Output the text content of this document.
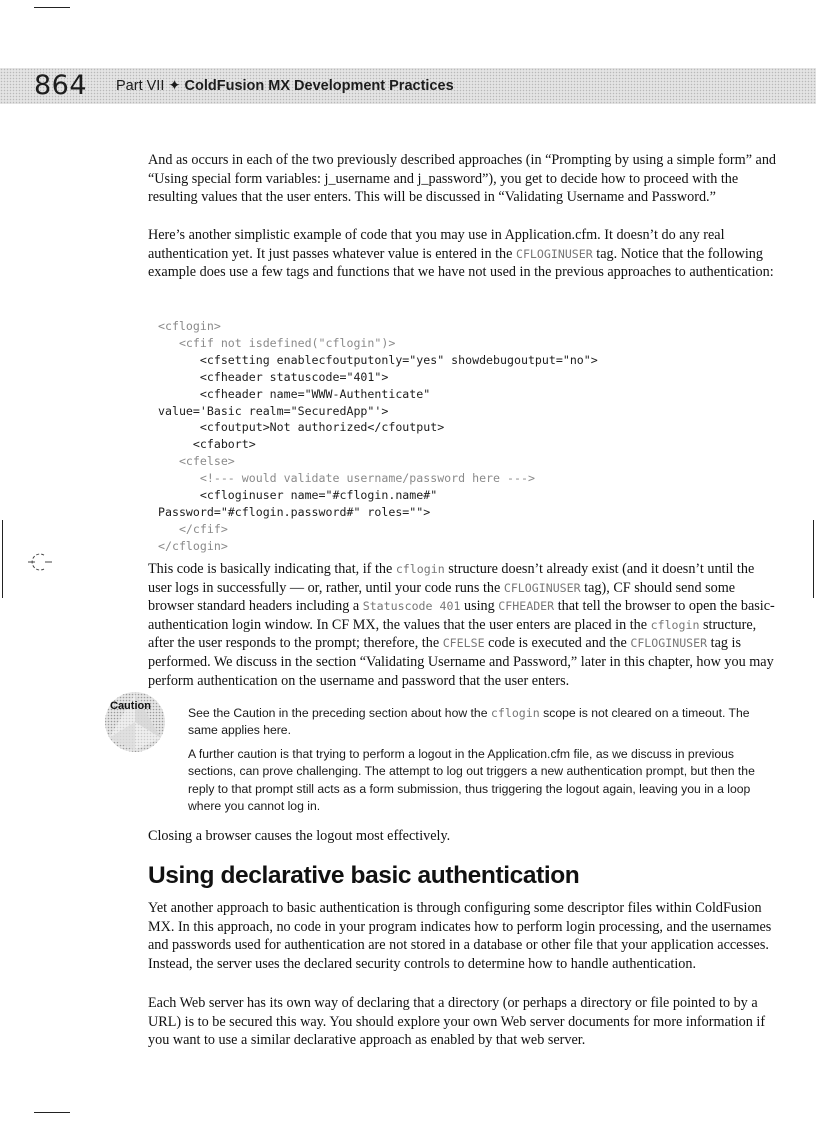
864 Part VII ✦ ColdFusion MX Development Practices

And as occurs in each of the two previously described approaches (in “Prompting by using a simple form” and “Using special form variables: j_username and j_password”), you get to decide how to proceed with the resulting values that the user enters. This will be discussed in “Validating Username and Password.”

Here’s another simplistic example of code that you may use in Application.cfm. It doesn’t do any real authentication yet. It just passes whatever value is entered in the CFLOGINUSER tag. Notice that the following example does use a few tags and functions that we have not used in the previous approaches to authentication:

<cflogin>
<cfif not isdefined("cflogin")>
<cfsetting enablecfoutputonly="yes" showdebugoutput="no">
<cfheader statuscode="401">
<cfheader name="WWW-Authenticate"
value='Basic realm="SecuredApp"'>
<cfoutput>Not authorized</cfoutput>
<cfabort>
<cfelse>
<!--- would validate username/password here --->
<cfloginuser name="#cflogin.name#"
Password="#cflogin.password#" roles="">
</cfif>
</cflogin>

This code is basically indicating that, if the cflogin structure doesn’t already exist (and it doesn’t until the user logs in successfully — or, rather, until your code runs the CFLOGINUSER tag), CF should send some browser standard headers including a Statuscode 401 using CFHEADER that tell the browser to open the basic-authentication login window. In CF MX, the values that the user enters are placed in the cflogin structure, after the user responds to the prompt; therefore, the CFELSE code is executed and the CFLOGINUSER tag is performed. We discuss in the section “Validating Username and Password,” later in this chapter, how you may perform authentication on the username and password that the user enters.

Caution	See the Caution in the preceding section about how the cflogin scope is not cleared on a timeout. The same applies here.

A further caution is that trying to perform a logout in the Application.cfm file, as we discuss in previous sections, can prove challenging. The attempt to log out triggers a new authentication prompt, but then the reply to that prompt still acts as a form submission, thus triggering the logout again, leaving you in a loop where you cannot log in.

Closing a browser causes the logout most effectively.

Using declarative basic authentication

Yet another approach to basic authentication is through configuring some descriptor files within ColdFusion MX. In this approach, no code in your program indicates how to perform login processing, and the usernames and passwords used for authentication are not stored in a database or other file that your application accesses. Instead, the server uses the declared security controls to determine how to handle authentication.

Each Web server has its own way of declaring that a directory (or perhaps a directory or file pointed to by a URL) is to be secured this way. You should explore your own Web server documents for more information if you want to use a similar declarative approach as enabled by that web server.
